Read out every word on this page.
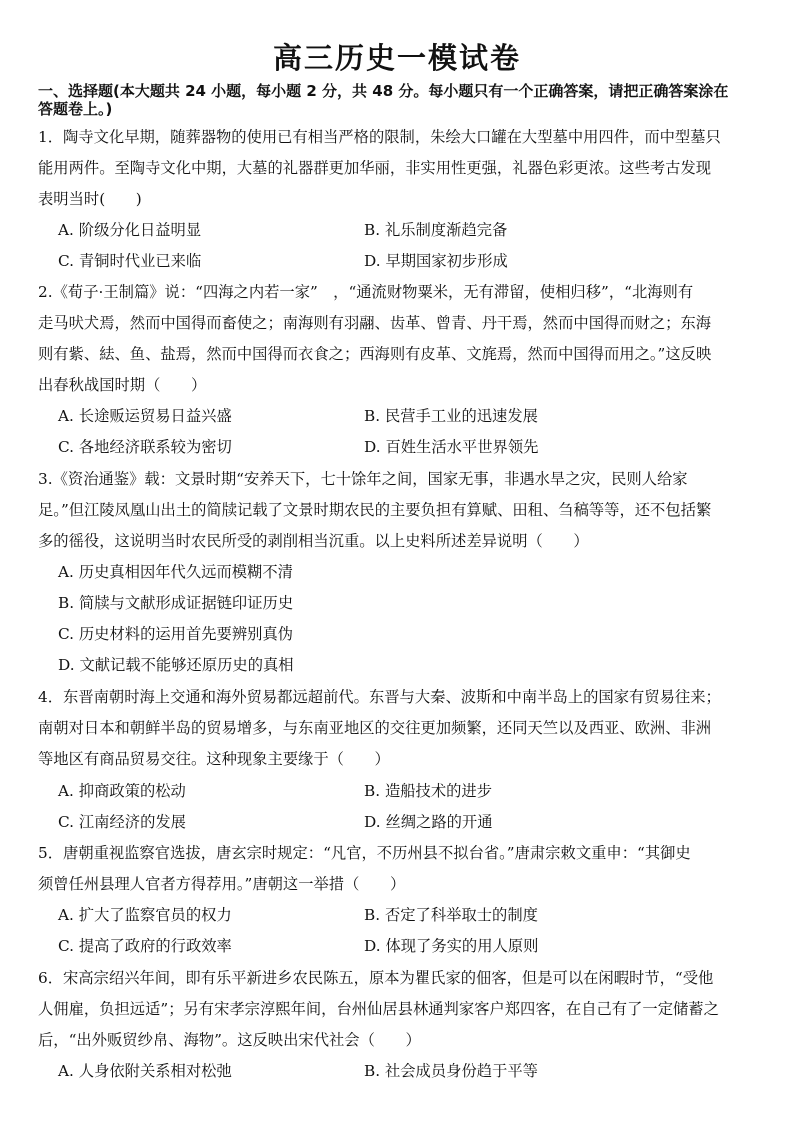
高三历史一模试卷
一、选择题(本大题共 24 小题，每小题 2 分，共 48 分。每小题只有一个正确答案，请把正确答案涂在
答题卷上。)
1．陶寺文化早期，随葬器物的使用已有相当严格的限制，朱绘大口罐在大型墓中用四件，而中型墓只
能用两件。至陶寺文化中期，大墓的礼器群更加华丽，非实用性更强，礼器色彩更浓。这些考古发现
表明当时(　　)
A. 阶级分化日益明显	B. 礼乐制度渐趋完备
C. 青铜时代业已来临	D. 早期国家初步形成
2.《荀子·王制篇》说：“四海之内若一家”　，“通流财物粟米，无有滞留，使相归移”，“北海则有
走马吠犬焉，然而中国得而畜使之；南海则有羽翮、齿革、曾青、丹干焉，然而中国得而财之；东海
则有紫、紶、鱼、盐焉，然而中国得而衣食之；西海则有皮革、文旄焉，然而中国得而用之。”这反映
出春秋战国时期（　　）
A. 长途贩运贸易日益兴盛	B. 民营手工业的迅速发展
C. 各地经济联系较为密切	D. 百姓生活水平世界领先
3.《资治通鉴》载：文景时期“安养天下，七十馀年之间，国家无事，非遇水旱之灾，民则人给家
足。”但江陵凤凰山出土的简牍记载了文景时期农民的主要负担有算赋、田租、刍稿等等，还不包括繁
多的徭役，这说明当时农民所受的剥削相当沉重。以上史料所述差异说明（　　）
A. 历史真相因年代久远而模糊不清
B. 简牍与文献形成证据链印证历史
C. 历史材料的运用首先要辨别真伪
D. 文献记载不能够还原历史的真相
4．东晋南朝时海上交通和海外贸易都远超前代。东晋与大秦、波斯和中南半岛上的国家有贸易往来；
南朝对日本和朝鲜半岛的贸易增多，与东南亚地区的交往更加频繁，还同天竺以及西亚、欧洲、非洲
等地区有商品贸易交往。这种现象主要缘于（　　）
A. 抑商政策的松动	B. 造船技术的进步
C. 江南经济的发展	D. 丝绸之路的开通
5．唐朝重视监察官选拔，唐玄宗时规定：“凡官，不历州县不拟台省。”唐肃宗敕文重申：“其御史
须曾任州县理人官者方得荐用。”唐朝这一举措（　　）
A. 扩大了监察官员的权力	B. 否定了科举取士的制度
C. 提高了政府的行政效率	D. 体现了务实的用人原则
6．宋高宗绍兴年间，即有乐平新进乡农民陈五，原本为瞿氏家的佃客，但是可以在闲暇时节，“受他
人佣雇，负担远适”；另有宋孝宗淳熙年间，台州仙居县林通判家客户郑四客，在自己有了一定储蓄之
后，“出外贩贸纱帛、海物”。这反映出宋代社会（　　）
A. 人身依附关系相对松弛	B. 社会成员身份趋于平等
